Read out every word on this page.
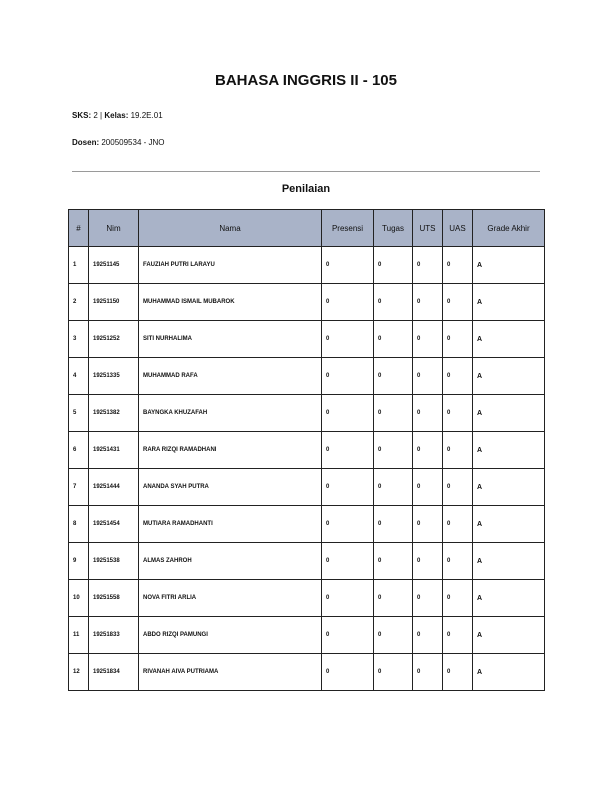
BAHASA INGGRIS II - 105
SKS: 2 | Kelas: 19.2E.01
Dosen: 200509534 - JNO
Penilaian
#	Nim	Nama	Presensi	Tugas	UTS	UAS	Grade Akhir
1	19251145	FAUZIAH PUTRI LARAYU	0	0	0	0	A
2	19251150	MUHAMMAD ISMAIL MUBAROK	0	0	0	0	A
3	19251252	SITI NURHALIMA	0	0	0	0	A
4	19251335	MUHAMMAD RAFA	0	0	0	0	A
5	19251382	BAYNGKA KHUZAFAH	0	0	0	0	A
6	19251431	RARA RIZQI RAMADHANI	0	0	0	0	A
7	19251444	ANANDA SYAH PUTRA	0	0	0	0	A
8	19251454	MUTIARA RAMADHANTI	0	0	0	0	A
9	19251538	ALMAS ZAHROH	0	0	0	0	A
10	19251558	NOVA FITRI ARLIA	0	0	0	0	A
11	19251833	ABDO RIZQI PAMUNGI	0	0	0	0	A
12	19251834	RIVANAH AIVA PUTRIAMA	0	0	0	0	A
